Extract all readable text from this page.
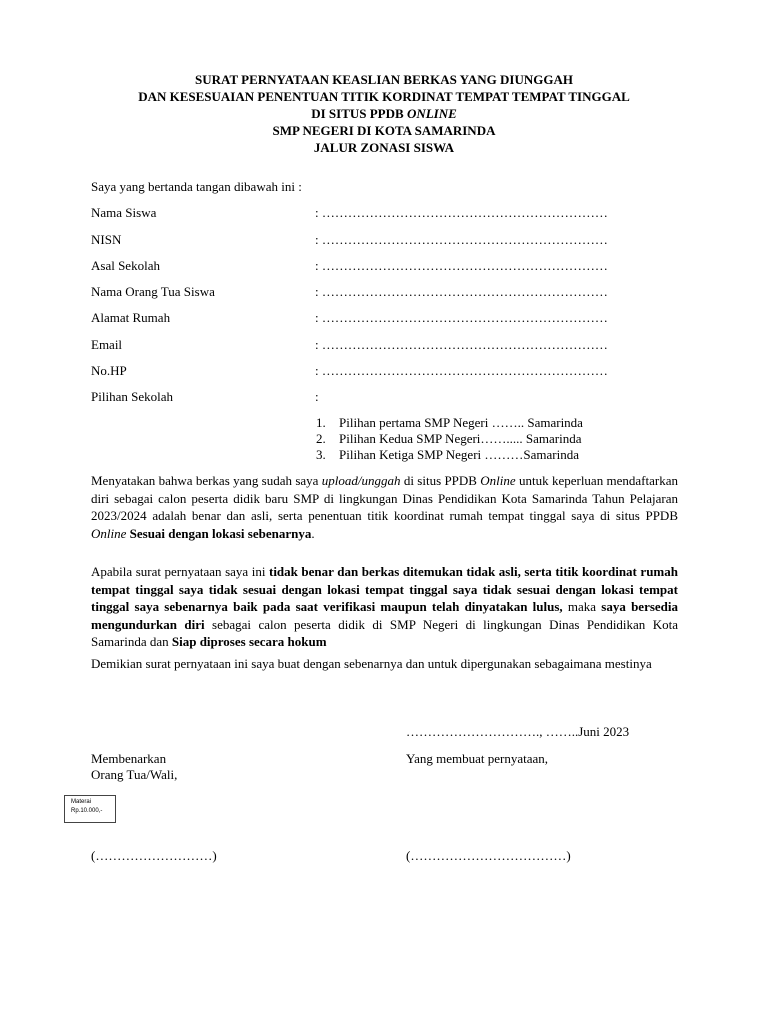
SURAT PERNYATAAN KEASLIAN BERKAS YANG DIUNGGAH
DAN KESESUAIAN PENENTUAN TITIK KORDINAT TEMPAT TEMPAT TINGGAL
DI SITUS PPDB ONLINE
SMP NEGERI DI KOTA SAMARINDA
JALUR ZONASI SISWA
Saya yang bertanda tangan dibawah ini :
Nama Siswa	: …………………………………………………………
NISN	: …………………………………………………………
Asal Sekolah	: …………………………………………………………
Nama Orang Tua Siswa	: …………………………………………………………
Alamat Rumah	: …………………………………………………………
Email	: …………………………………………………………
No.HP	: …………………………………………………………
Pilihan Sekolah	:
1. Pilihan pertama SMP Negeri …….. Samarinda
2. Pilihan Kedua SMP Negeri……..... Samarinda
3. Pilihan Ketiga SMP Negeri ………Samarinda
Menyatakan bahwa berkas yang sudah saya upload/unggah di situs PPDB Online untuk keperluan mendaftarkan diri sebagai calon peserta didik baru SMP di lingkungan Dinas Pendidikan Kota Samarinda Tahun Pelajaran 2023/2024 adalah benar dan asli, serta penentuan titik koordinat rumah tempat tinggal saya di situs PPDB Online Sesuai dengan lokasi sebenarnya.
Apabila surat pernyataan saya ini tidak benar dan berkas ditemukan tidak asli, serta titik koordinat rumah tempat tinggal saya tidak sesuai dengan lokasi tempat tinggal saya tidak sesuai dengan lokasi tempat tinggal saya sebenarnya baik pada saat verifikasi maupun telah dinyatakan lulus, maka saya bersedia mengundurkan diri sebagai calon peserta didik di SMP Negeri di lingkungan Dinas Pendidikan Kota Samarinda dan Siap diproses secara hokum
Demikian surat pernyataan ini saya buat dengan sebenarnya dan untuk dipergunakan sebagaimana mestinya
…………………………., ……..Juni 2023
Membenarkan
Orang Tua/Wali,
Yang membuat pernyataan,
Materai
Rp.10.000,-
(………………………)	(………………………………)
